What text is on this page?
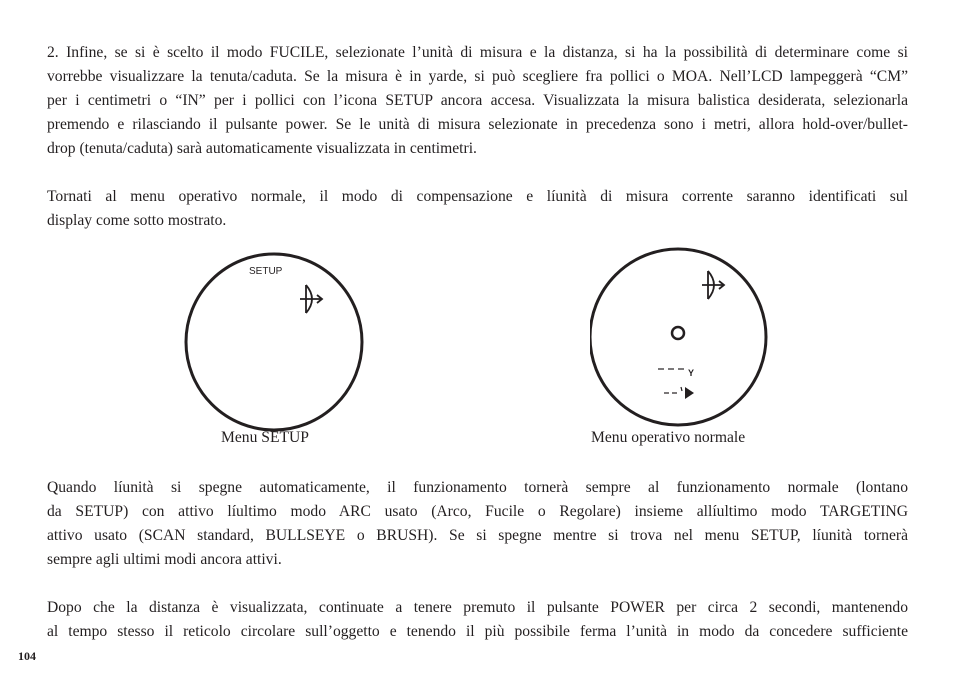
2. Infine, se si è scelto il modo FUCILE, selezionate l’unità di misura e la distanza, si ha la possibilità di determinare come si
vorrebbe visualizzare la tenuta/caduta. Se la misura è in yarde, si può scegliere fra pollici o MOA. Nell’LCD lampeggerà “CM”
per i centimetri o “IN” per i pollici con l’icona SETUP ancora accesa. Visualizzata la misura balistica desiderata, selezionarla
premendo e rilasciando il pulsante power. Se le unità di misura selezionate in precedenza sono i metri, allora hold-over/bullet-
drop (tenuta/caduta) sarà automaticamente visualizzata in centimetri.
Tornati al menu operativo normale, il modo di compensazione e líunità di misura corrente saranno identificati sul
display come sotto mostrato.
SETUP
Y
Menu SETUP	Menu operativo normale
Quando líunità si spegne automaticamente, il funzionamento tornerà sempre al funzionamento normale (lontano
da SETUP) con attivo líultimo modo ARC usato (Arco, Fucile o Regolare) insieme allíultimo modo TARGETING
attivo usato (SCAN standard, BULLSEYE o BRUSH). Se si spegne mentre si trova nel menu SETUP, líunità tornerà
sempre agli ultimi modi ancora attivi.
Dopo che la distanza è visualizzata, continuate a tenere premuto il pulsante POWER per circa 2 secondi, mantenendo
al tempo stesso il reticolo circolare sull’oggetto e tenendo il più possibile ferma l’unità in modo da concedere sufficiente
104
